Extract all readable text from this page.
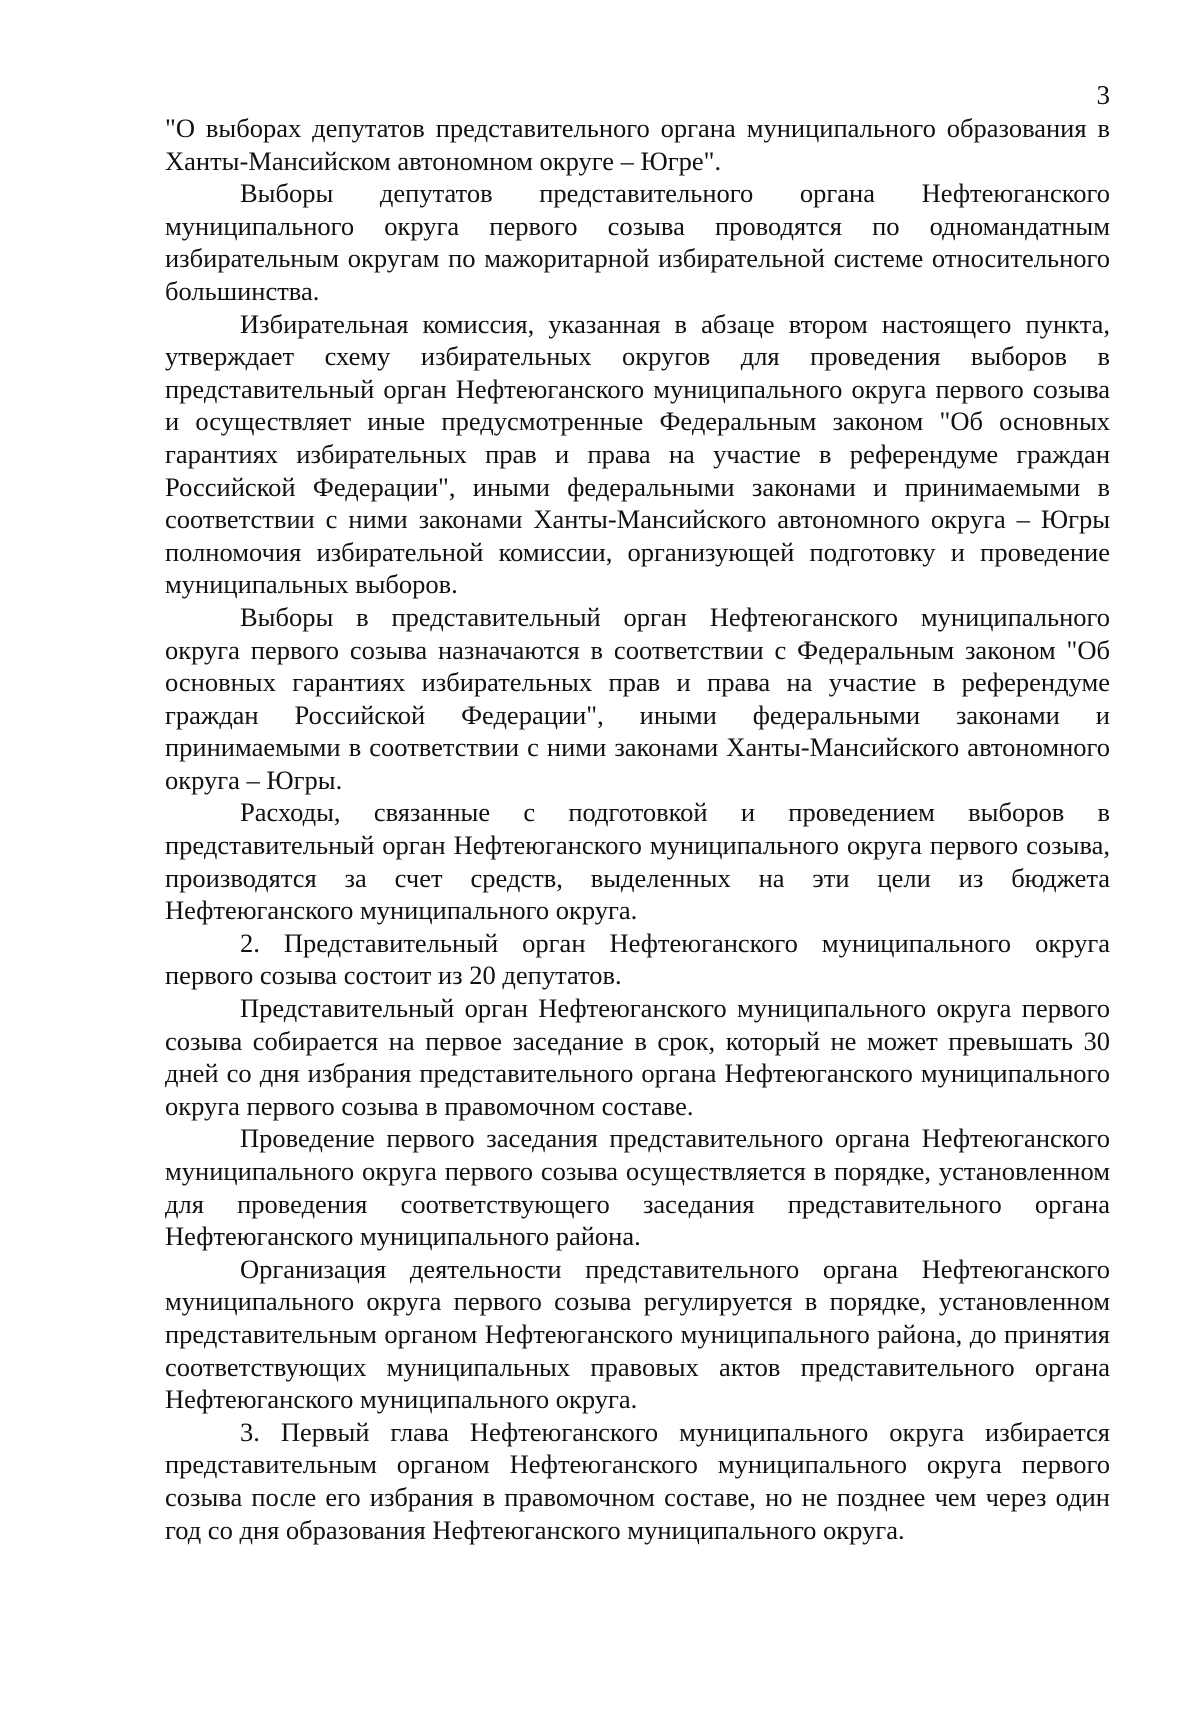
3

"О выборах депутатов представительного органа муниципального образования в Ханты-Мансийском автономном округе – Югре".

Выборы депутатов представительного органа Нефтеюганского муниципального округа первого созыва проводятся по одномандатным избирательным округам по мажоритарной избирательной системе относительного большинства.

Избирательная комиссия, указанная в абзаце втором настоящего пункта, утверждает схему избирательных округов для проведения выборов в представительный орган Нефтеюганского муниципального округа первого созыва и осуществляет иные предусмотренные Федеральным законом "Об основных гарантиях избирательных прав и права на участие в референдуме граждан Российской Федерации", иными федеральными законами и принимаемыми в соответствии с ними законами Ханты-Мансийского автономного округа – Югры полномочия избирательной комиссии, организующей подготовку и проведение муниципальных выборов.

Выборы в представительный орган Нефтеюганского муниципального округа первого созыва назначаются в соответствии с Федеральным законом "Об основных гарантиях избирательных прав и права на участие в референдуме граждан Российской Федерации", иными федеральными законами и принимаемыми в соответствии с ними законами Ханты-Мансийского автономного округа – Югры.

Расходы, связанные с подготовкой и проведением выборов в представительный орган Нефтеюганского муниципального округа первого созыва, производятся за счет средств, выделенных на эти цели из бюджета Нефтеюганского муниципального округа.

2. Представительный орган Нефтеюганского муниципального округа первого созыва состоит из 20 депутатов.

Представительный орган Нефтеюганского муниципального округа первого созыва собирается на первое заседание в срок, который не может превышать 30 дней со дня избрания представительного органа Нефтеюганского муниципального округа первого созыва в правомочном составе.

Проведение первого заседания представительного органа Нефтеюганского муниципального округа первого созыва осуществляется в порядке, установленном для проведения соответствующего заседания представительного органа Нефтеюганского муниципального района.

Организация деятельности представительного органа Нефтеюганского муниципального округа первого созыва регулируется в порядке, установленном представительным органом Нефтеюганского муниципального района, до принятия соответствующих муниципальных правовых актов представительного органа Нефтеюганского муниципального округа.

3. Первый глава Нефтеюганского муниципального округа избирается представительным органом Нефтеюганского муниципального округа первого созыва после его избрания в правомочном составе, но не позднее чем через один год со дня образования Нефтеюганского муниципального округа.
